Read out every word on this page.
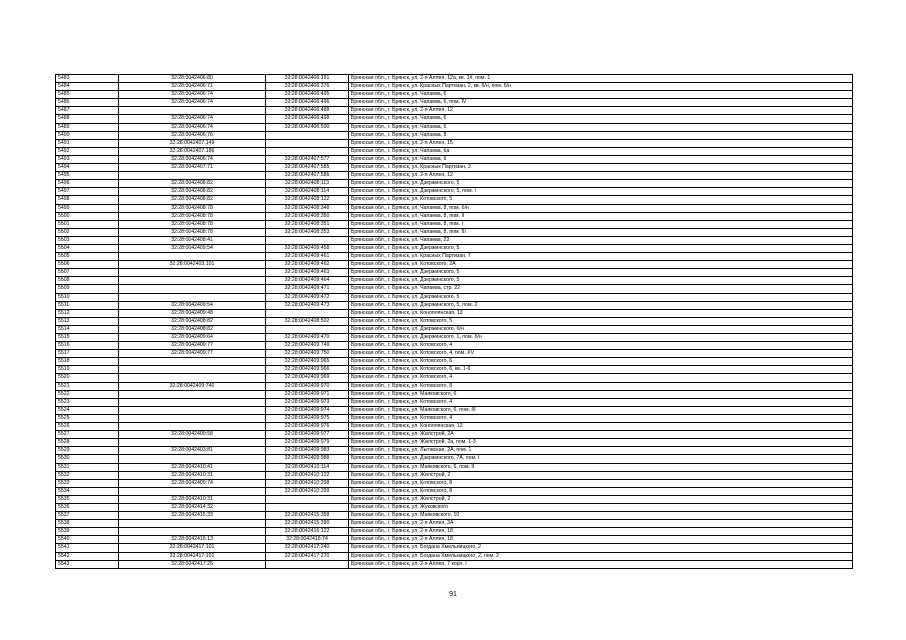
5483	32:28:0042406:80	32:28:0042406:191	Брянская обл., г. Брянск, ул. 2-я Аллея, 12а, кв. 1#, пом. 1
5484	32:28:0042406:71	32:28:0042406:376	Брянская обл., г. Брянск, ул. Красных Партизан, 2, кв. 6/н, пом. 6/н
5485	32:28:0042406:74	32:28:0042406:495	Брянская обл., г. Брянск, ул. Чапаева, 6
5486	32:28:0042406:74	32:28:0042406:496	Брянская обл., г. Брянск, ул. Чапаева, 6, пом. IV
5487		32:28:0042406:488	Брянская обл., г. Брянск, ул. 2-я Аллея, 12
5488	32:28:0042406:74	32:28:0042406:498	Брянская обл., г. Брянск, ул. Чапаева, 6
5489	32:28:0042406:74	32:28:0042406:500	Брянская обл., г. Брянск, ул. Чапаева, 6
5490	32:28:0042406:76		Брянская обл., г. Брянск, ул. Чапаева, 8
5491	32:28:0042407:149		Брянская обл., г. Брянск, ул. 2-я Аллея, 15
5492	32:28:0042407:186		Брянская обл., г. Брянск, ул. Чапаева, 6а
5493	32:28:0042406:74	32:28:0042407:577	Брянская обл., г. Брянск, ул. Чапаева, 6
5494	32:28:0042407:71	32:28:0042407:585	Брянская обл., г. Брянск, ул. Красных Партизан, 2
5495		32:28:0042407:586	Брянская обл., г. Брянск, ул. 2-я Аллея, 12
5496	32:28:0042408:82	32:28:0042408:113	Брянская обл., г. Брянск, ул. Дзержинского, 5
5497	32:28:0042408:82	32:28:0042408:114	Брянская обл., г. Брянск, ул. Дзержинского, 5, пом. I
5498	32:28:0042408:82	32:28:0042408:122	Брянская обл., г. Брянск, ул. Котовского, 5
5499	32:28:0042408:78	32:28:0042408:348	Брянская обл., г. Брянск, ул. Чапаева, 8, пом. б/н
5500	32:28:0042408:78	32:28:0042408:350	Брянская обл., г. Брянск, ул. Чапаева, 8, пом. II
5501	32:28:0042408:78	32:28:0042408:351	Брянская обл., г. Брянск, ул. Чапаева, 8, пом. I
5502	32:28:0042408:78	32:28:0042408:353	Брянская обл., г. Брянск, ул. Чапаева, 8, пом. III
5503	32:28:0042408:41		Брянская обл., г. Брянск, ул. Чапаева, 22
5504	32:28:0042409:54	32:28:0042409:458	Брянская обл., г. Брянск, ул. Дзержинского, 5
5505		32:28:0042409:461	Брянская обл., г. Брянск, ул. Красных Партизан, 7
5506	32:28:0042403:101	32:28:0042409:462	Брянская обл., г. Брянск, ул. Котовского, 2А
5507		32:28:0042409:463	Брянская обл., г. Брянск, ул. Дзержинского, 5
5508		32:28:0042409:464	Брянская обл., г. Брянск, ул. Дзержинского, 5
5509		32:28:0042409:471	Брянская обл., г. Брянск, ул. Чапаева, стр. 22
5510		32:28:0042409:472	Брянская обл., г. Брянск, ул. Дзержинского, 5
5511	32:28:0042409:54	32:28:0042409:473	Брянская обл., г. Брянск, ул. Дзержинского, 5, пом. 2
5512	32:28:0042409:48		Брянская обл., г. Брянск, ул. Коноплянская, 13
5513	32:28:0042408:82	32:28:0042408:502	Брянская обл., г. Брянск, ул. Котовского, 5
5514	32:28:0042408:82		Брянская обл., г. Брянск, ул. Дзержинского, б/н
5515	32:28:0042409:64	32:28:0042409:470	Брянская обл., г. Брянск, ул. Дзержинского, 1, пом. б/н
5516	32:28:0042409:77	32:28:0042409:749	Брянская обл., г. Брянск, ул. Котовского, 4
5517	32:28:0042409:77	32:28:0042409:750	Брянская обл., г. Брянск, ул. Котовского, 4, пом. XV
5518		32:28:0042409:965	Брянская обл., г. Брянск, ул. Котовского, 6
5519		32:28:0042409:966	Брянская обл., г. Брянск, ул. Котовского, 6, кв. 1-6
5520		32:28:0042409:969	Брянская обл., г. Брянск, ул. Котовского, 4
5521	32:28:0042409:740	32:28:0042409:970	Брянская обл., г. Брянск, ул. Котовского, 8
5522		32:28:0042409:971	Брянская обл., г. Брянск, ул. Маяковского, 6
5523		32:28:0042409:973	Брянская обл., г. Брянск, ул. Котовского, 4
5524		32:28:0042409:974	Брянская обл., г. Брянск, ул. Маяковского, 6, пом. III
5525		32:28:0042409:975	Брянская обл., г. Брянск, ул. Котовского, 4
5526		32:28:0042409:976	Брянская обл., г. Брянск, ул. Коноплянская, 12
5527	32:28:0042409:58	32:28:0042409:977	Брянская обл., г. Брянск, ул. Жилстрой, 2А
5528		32:28:0042409:979	Брянская обл., г. Брянск, ул. Жилстрой, 2а, пом. 1-3
5529	32:28:0042403:81	32:28:0042409:983	Брянская обл., г. Брянск, ул. Льговская, 2А, пом. 1
5530		32:28:0042409:988	Брянская обл., г. Брянск, ул. Дзержинского, 7А, пом. I
5531	32:28:0042410:41	32:28:0042410:114	Брянская обл., г. Брянск, ул. Маяковского, 6, пом. II
5532	32:28:0042410:31	32:28:0042410:132	Брянская обл., г. Брянск, ул. Жилстрой, 2
5533	32:28:0042409:74	32:28:0042410:298	Брянская обл., г. Брянск, ул. Котовского, 8
5534		32:28:0042410:299	Брянская обл., г. Брянск, ул. Котовского, 8
5535	32:28:0042410:31		Брянская обл., г. Брянск, ул. Жилстрой, 2
5536	32:28:0042414:32		Брянская обл., г. Брянск, ул. Жуковского
5537	32:28:0042415:33	32:28:0042415:358	Брянская обл., г. Брянск, ул. Маяковского, 10
5538		32:28:0042415:390	Брянская обл., г. Брянск, ул. 2-я Аллея, 3А
5539		32:28:0042416:122	Брянская обл., г. Брянск, ул. 2-я Аллея, 18
5540	32:28:0042416:13	32:28:0042416:74	Брянская обл., г. Брянск, ул. 2-я Аллея, 18
5541	32:28:0042417:101	32:28:0042417:240	Брянская обл., г. Брянск, ул. Богдана Хмельницкого, 2
5542	32:28:0042417:101	32:28:0042417:270	Брянская обл., г. Брянск, ул. Богдана Хмельницкого, 2, пом. 2
5543	32:28:0042417:26		Брянская обл., г. Брянск, ул. 2-я Аллея, 7 корп. I
91
